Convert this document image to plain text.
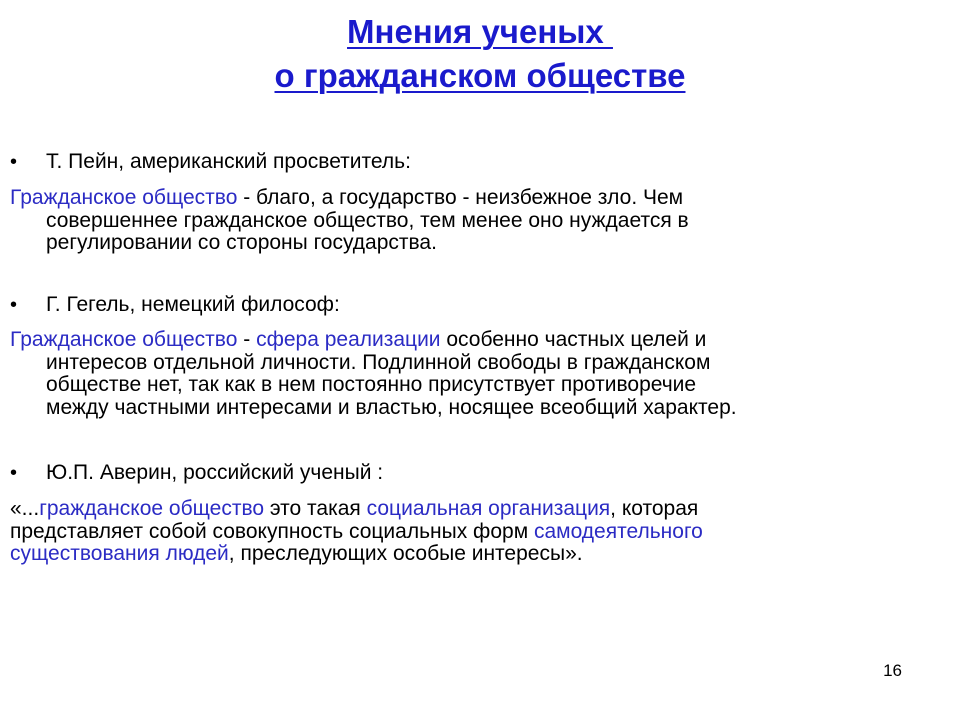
Мнения ученых
о гражданском обществе
• Т. Пейн, американский просветитель:
Гражданское общество - благо, а государство - неизбежное зло. Чем
совершеннее гражданское общество, тем менее оно нуждается в
регулировании со стороны государства.
• Г. Гегель, немецкий философ:
Гражданское общество - сфера реализации особенно частных целей и
интересов отдельной личности. Подлинной свободы в гражданском
обществе нет, так как в нем постоянно присутствует противоречие
между частными интересами и властью, носящее всеобщий характер.
• Ю.П. Аверин, российский ученый :
«...гражданское общество это такая социальная организация, которая
представляет собой совокупность социальных форм самодеятельного
существования людей, преследующих особые интересы».
16
